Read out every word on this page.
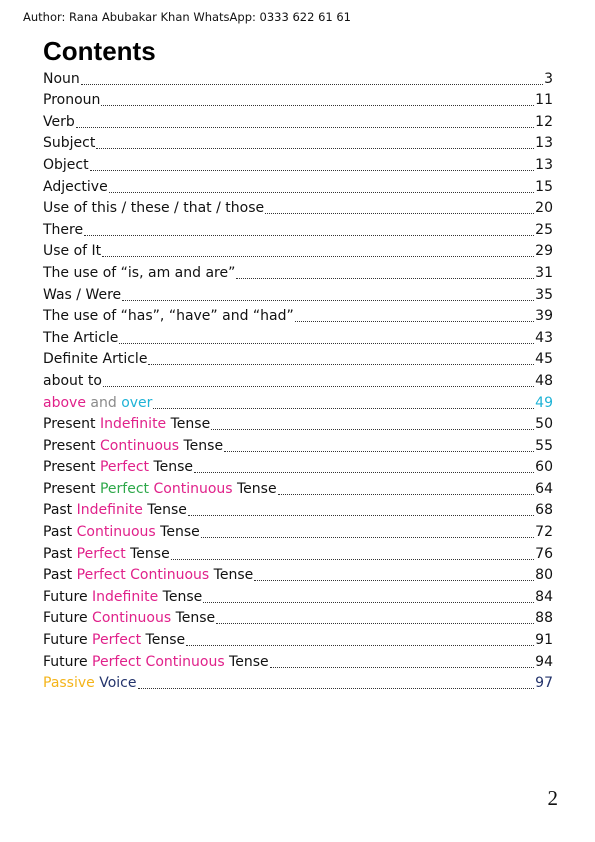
Author: Rana Abubakar Khan WhatsApp: 0333 622 61 61
Contents
Noun	3
Pronoun	11
Verb	12
Subject	13
Object	13
Adjective	15
Use of this / these / that / those	20
There	25
Use of It	29
The use of “is, am and are”	31
Was / Were	35
The use of “has”, “have” and “had”	39
The Article	43
Definite Article	45
about to	48
above and over	49
Present Indefinite Tense	50
Present Continuous Tense	55
Present Perfect Tense	60
Present Perfect Continuous Tense	64
Past Indefinite Tense	68
Past Continuous Tense	72
Past Perfect Tense	76
Past Perfect Continuous Tense	80
Future Indefinite Tense	84
Future Continuous Tense	88
Future Perfect Tense	91
Future Perfect Continuous Tense	94
Passive Voice	97
2
